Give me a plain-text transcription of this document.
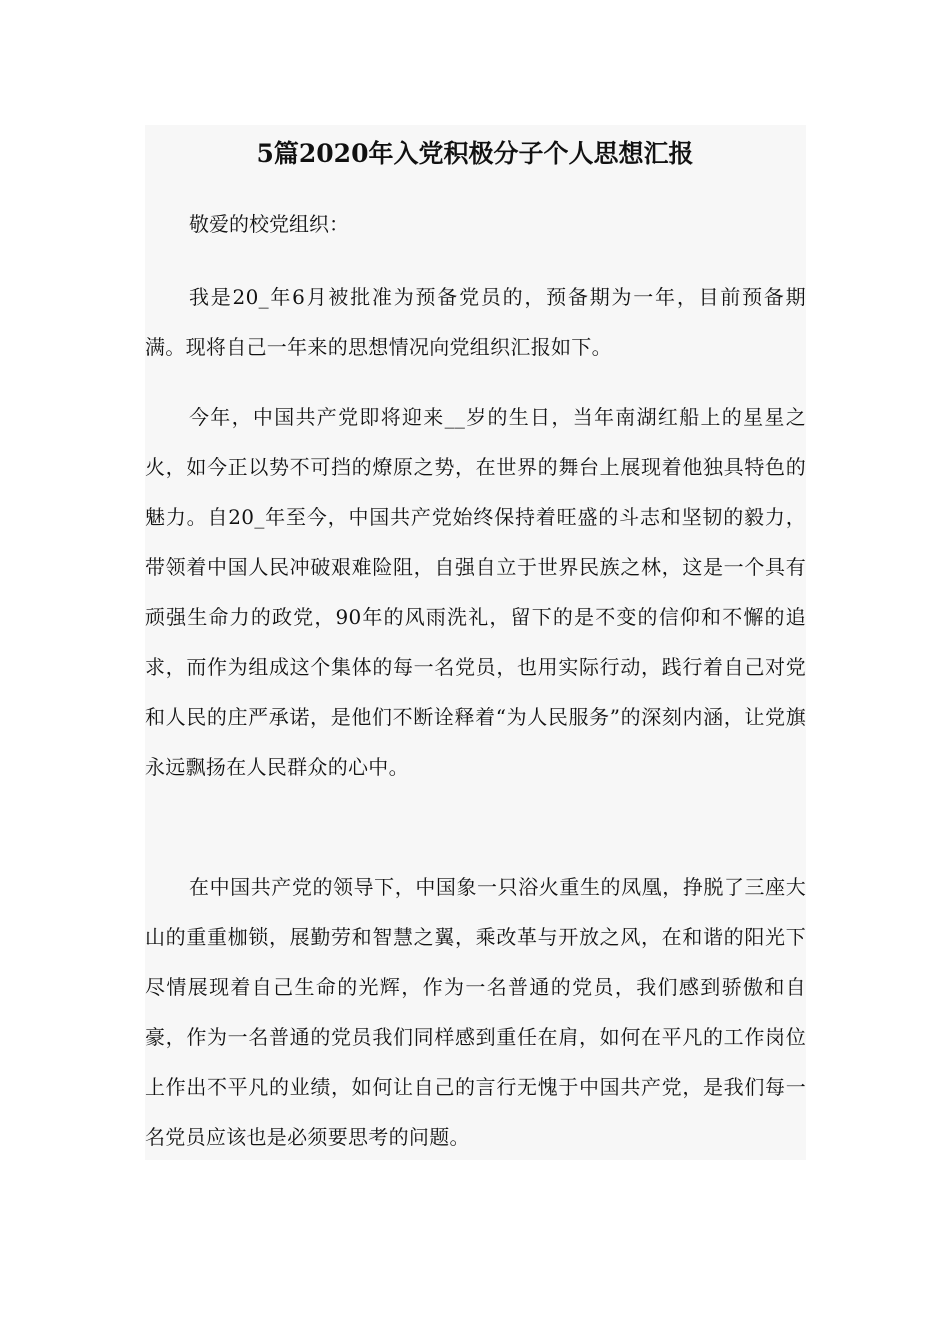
5篇2020年入党积极分子个人思想汇报

敬爱的校党组织：

我是20_年6月被批准为预备党员的，预备期为一年，目前预备期满。现将自己一年来的思想情况向党组织汇报如下。

今年，中国共产党即将迎来__岁的生日，当年南湖红船上的星星之火，如今正以势不可挡的燎原之势，在世界的舞台上展现着他独具特色的魅力。自20_年至今，中国共产党始终保持着旺盛的斗志和坚韧的毅力，带领着中国人民冲破艰难险阻，自强自立于世界民族之林，这是一个具有顽强生命力的政党，90年的风雨洗礼，留下的是不变的信仰和不懈的追求，而作为组成这个集体的每一名党员，也用实际行动，践行着自己对党和人民的庄严承诺，是他们不断诠释着“为人民服务”的深刻内涵，让党旗永远飘扬在人民群众的心中。

在中国共产党的领导下，中国象一只浴火重生的凤凰，挣脱了三座大山的重重枷锁，展勤劳和智慧之翼，乘改革与开放之风，在和谐的阳光下尽情展现着自己生命的光辉，作为一名普通的党员，我们感到骄傲和自豪，作为一名普通的党员我们同样感到重任在肩，如何在平凡的工作岗位上作出不平凡的业绩，如何让自己的言行无愧于中国共产党，是我们每一名党员应该也是必须要思考的问题。
